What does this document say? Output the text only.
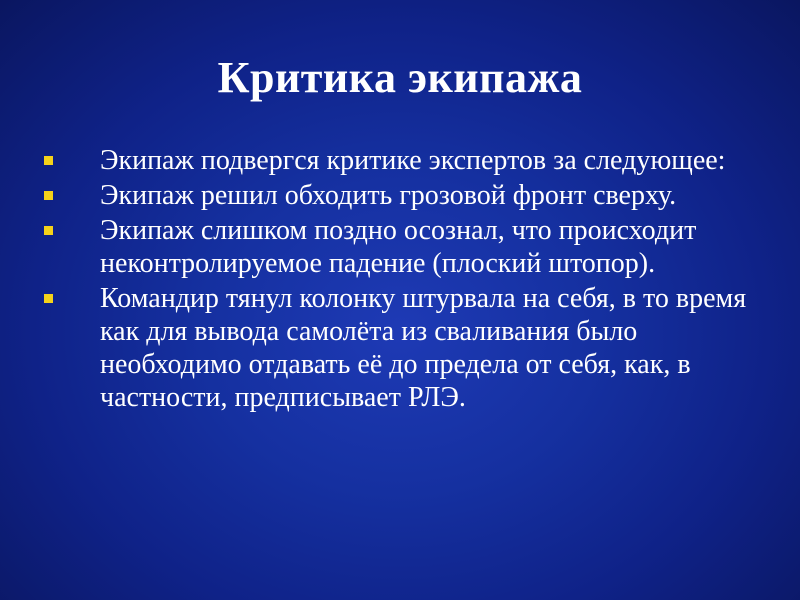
Критика экипажа
Экипаж подвергся критике экспертов за следующее:
Экипаж решил обходить грозовой фронт сверху.
Экипаж слишком поздно осознал, что происходит неконтролируемое падение (плоский штопор).
Командир тянул колонку штурвала на себя, в то время как для вывода самолёта из сваливания было необходимо отдавать её до предела от себя, как, в частности, предписывает РЛЭ.
